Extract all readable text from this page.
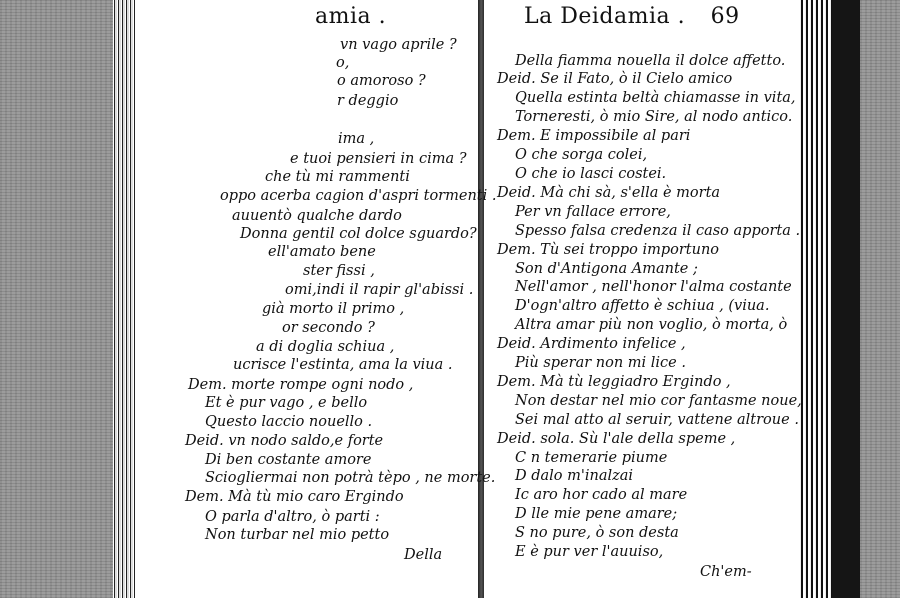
amia .	La Deidamia . 69
vn vago aprile ?
o,
o amoroso ?
r deggio
ima ,
e tuoi pensieri in cima ?
che tù mi rammenti
oppo acerba cagion d'aspri tormenti .
auuentò qualche dardo
Donna gentil col dolce sguardo?
ell'amato bene
ster fissi ,
omi,indi il rapir gl'abissi .
già morto il primo ,
or secondo ?
a di doglia schiua ,
ucrisce l'estinta, ama la viua .
Dem. morte rompe ogni nodo ,
Et è pur vago , e bello
Questo laccio nouello .
Deid. vn nodo saldo,e forte
Di ben costante amore
Sciogliermai non potrà tèpo , ne morte.
Dem. Mà tù mio caro Ergindo
O parla d'altro, ò parti :
Non turbar nel mio petto
Della
Della fiamma nouella il dolce affetto.
Deid. Se il Fato, ò il Cielo amico
Quella estinta beltà chiamasse in vita,
Torneresti, ò mio Sire, al nodo antico.
Dem. E impossibile al pari
O che sorga colei,
O che io lasci costei.
Deid. Mà chi sà, s'ella è morta
Per vn fallace errore,
Spesso falsa credenza il caso apporta .
Dem. Tù sei troppo importuno
Son d'Antigona Amante ;
Nell'amor , nell'honor l'alma costante
D'ogn'altro affetto è schiua , (viua.
Altra amar più non voglio, ò morta, ò
Deid. Ardimento infelice ,
Più sperar non mi lice .
Dem. Mà tù leggiadro Ergindo ,
Non destar nel mio cor fantasme noue,
Sei mal atto al seruir, vattene altroue .
Deid. sola. Sù l'ale della speme ,
C n temerarie piume
D dalo m'inalzai
Ic aro hor cado al mare
D lle mie pene amare;
S no pure, ò son desta
E è pur ver l'auuiso,
Ch'em-
